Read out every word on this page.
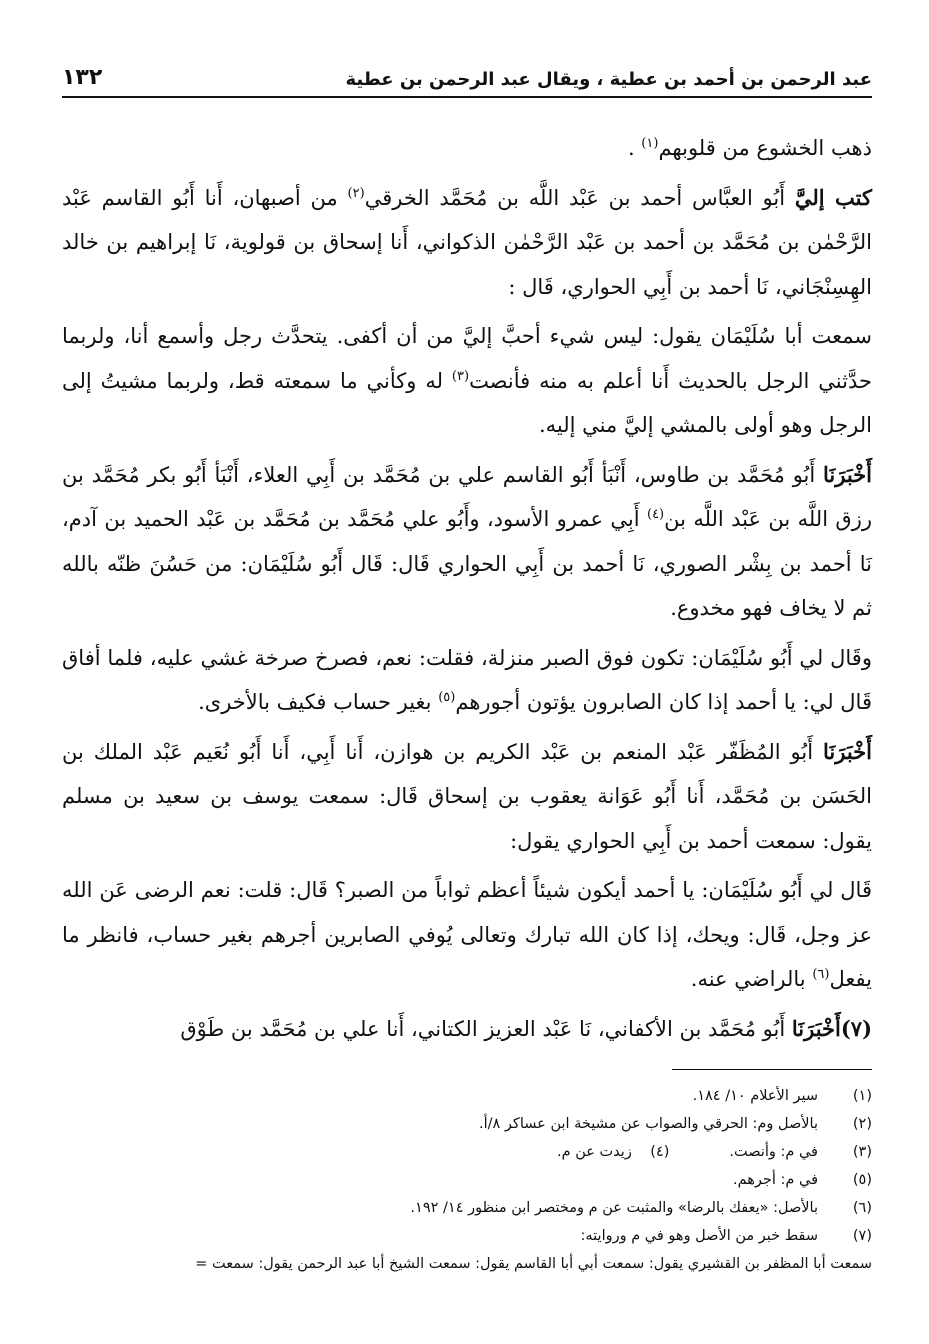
عبد الرحمن بن أحمد بن عطية ، ويقال عبد الرحمن بن عطية
١٣٢

ذهب الخشوع من قلوبهم$^{(١)}$ .

كتب إليَّ أَبُو العبَّاس أحمد بن عَبْد اللَّه بن مُحَمَّد الخرقي$^{(٢)}$ من أصبهان، أَنا أَبُو القاسم عَبْد الرَّحْمٰن بن مُحَمَّد بن أحمد بن عَبْد الرَّحْمٰن الذكواني، أَنا إسحاق بن قولوية، نَا إبراهيم بن خالد الهِسِنْجَاني، نَا أحمد بن أَبِي الحواري، قَال :

سمعت أبا سُلَيْمَان يقول: ليس شيء أحبَّ إليَّ من أن أكفى. يتحدَّث رجل وأسمع أنا، ولربما حدَّثني الرجل بالحديث أَنا أعلم به منه فأنصت$^{(٣)}$ له وكأني ما سمعته قط، ولربما مشيتُ إلى الرجل وهو أولى بالمشي إليَّ مني إليه.

أَخْبَرَنَا أَبُو مُحَمَّد بن طاوس، أَنْبَأ أَبُو القاسم علي بن مُحَمَّد بن أَبِي العلاء، أَنْبَأ أَبُو بكر مُحَمَّد بن رزق اللَّه بن عَبْد اللَّه بن$^{(٤)}$ أَبِي عمرو الأسود، وأَبُو علي مُحَمَّد بن مُحَمَّد بن عَبْد الحميد بن آدم، نَا أحمد بن بِشْر الصوري، نَا أحمد بن أَبِي الحواري قَال: قَال أَبُو سُلَيْمَان: من حَسُنَ ظنّه بالله ثم لا يخاف فهو مخدوع.

وقَال لي أَبُو سُلَيْمَان: تكون فوق الصبر منزلة، فقلت: نعم، فصرخ صرخة غشي عليه، فلما أفاق قَال لي: يا أحمد إذا كان الصابرون يؤتون أجورهم$^{(٥)}$ بغير حساب فكيف بالأخرى.

أَخْبَرَنَا أَبُو المُظَفّر عَبْد المنعم بن عَبْد الكريم بن هوازن، أَنا أَبِي، أَنا أَبُو نُعَيم عَبْد الملك بن الحَسَن بن مُحَمَّد، أَنا أَبُو عَوَانة يعقوب بن إسحاق قَال: سمعت يوسف بن سعيد بن مسلم يقول: سمعت أحمد بن أَبِي الحواري يقول:

قَال لي أَبُو سُلَيْمَان: يا أحمد أيكون شيئاً أعظم ثواباً من الصبر؟ قَال: قلت: نعم الرضى عَن الله عز وجل، قَال: ويحك، إذا كان الله تبارك وتعالى يُوفي الصابرين أجرهم بغير حساب، فانظر ما يفعل$^{(٦)}$ بالراضي عنه.

(٧)أَخْبَرَنَا أَبُو مُحَمَّد بن الأكفاني، نَا عَبْد العزيز الكتاني، أَنا علي بن مُحَمَّد بن طَوْق

(١)
سير الأعلام ١٠/ ١٨٤.
(٢)
بالأصل وم: الحرقي والصواب عن مشيخة ابن عساكر ٨/أ.
(٣)
في م: وأنصت.
(٤)    زيدت عن م.
(٥)
في م: أجرهم.
(٦)
بالأصل: «يعفك بالرضا» والمثبت عن م ومختصر ابن منظور ١٤/ ١٩٢.
(٧)
سقط خبر من الأصل وهو في م وروايته:
سمعت أبا المظفر بن القشيري يقول: سمعت أبي أبا القاسم يقول: سمعت الشيخ أبا عبد الرحمن يقول: سمعت =
